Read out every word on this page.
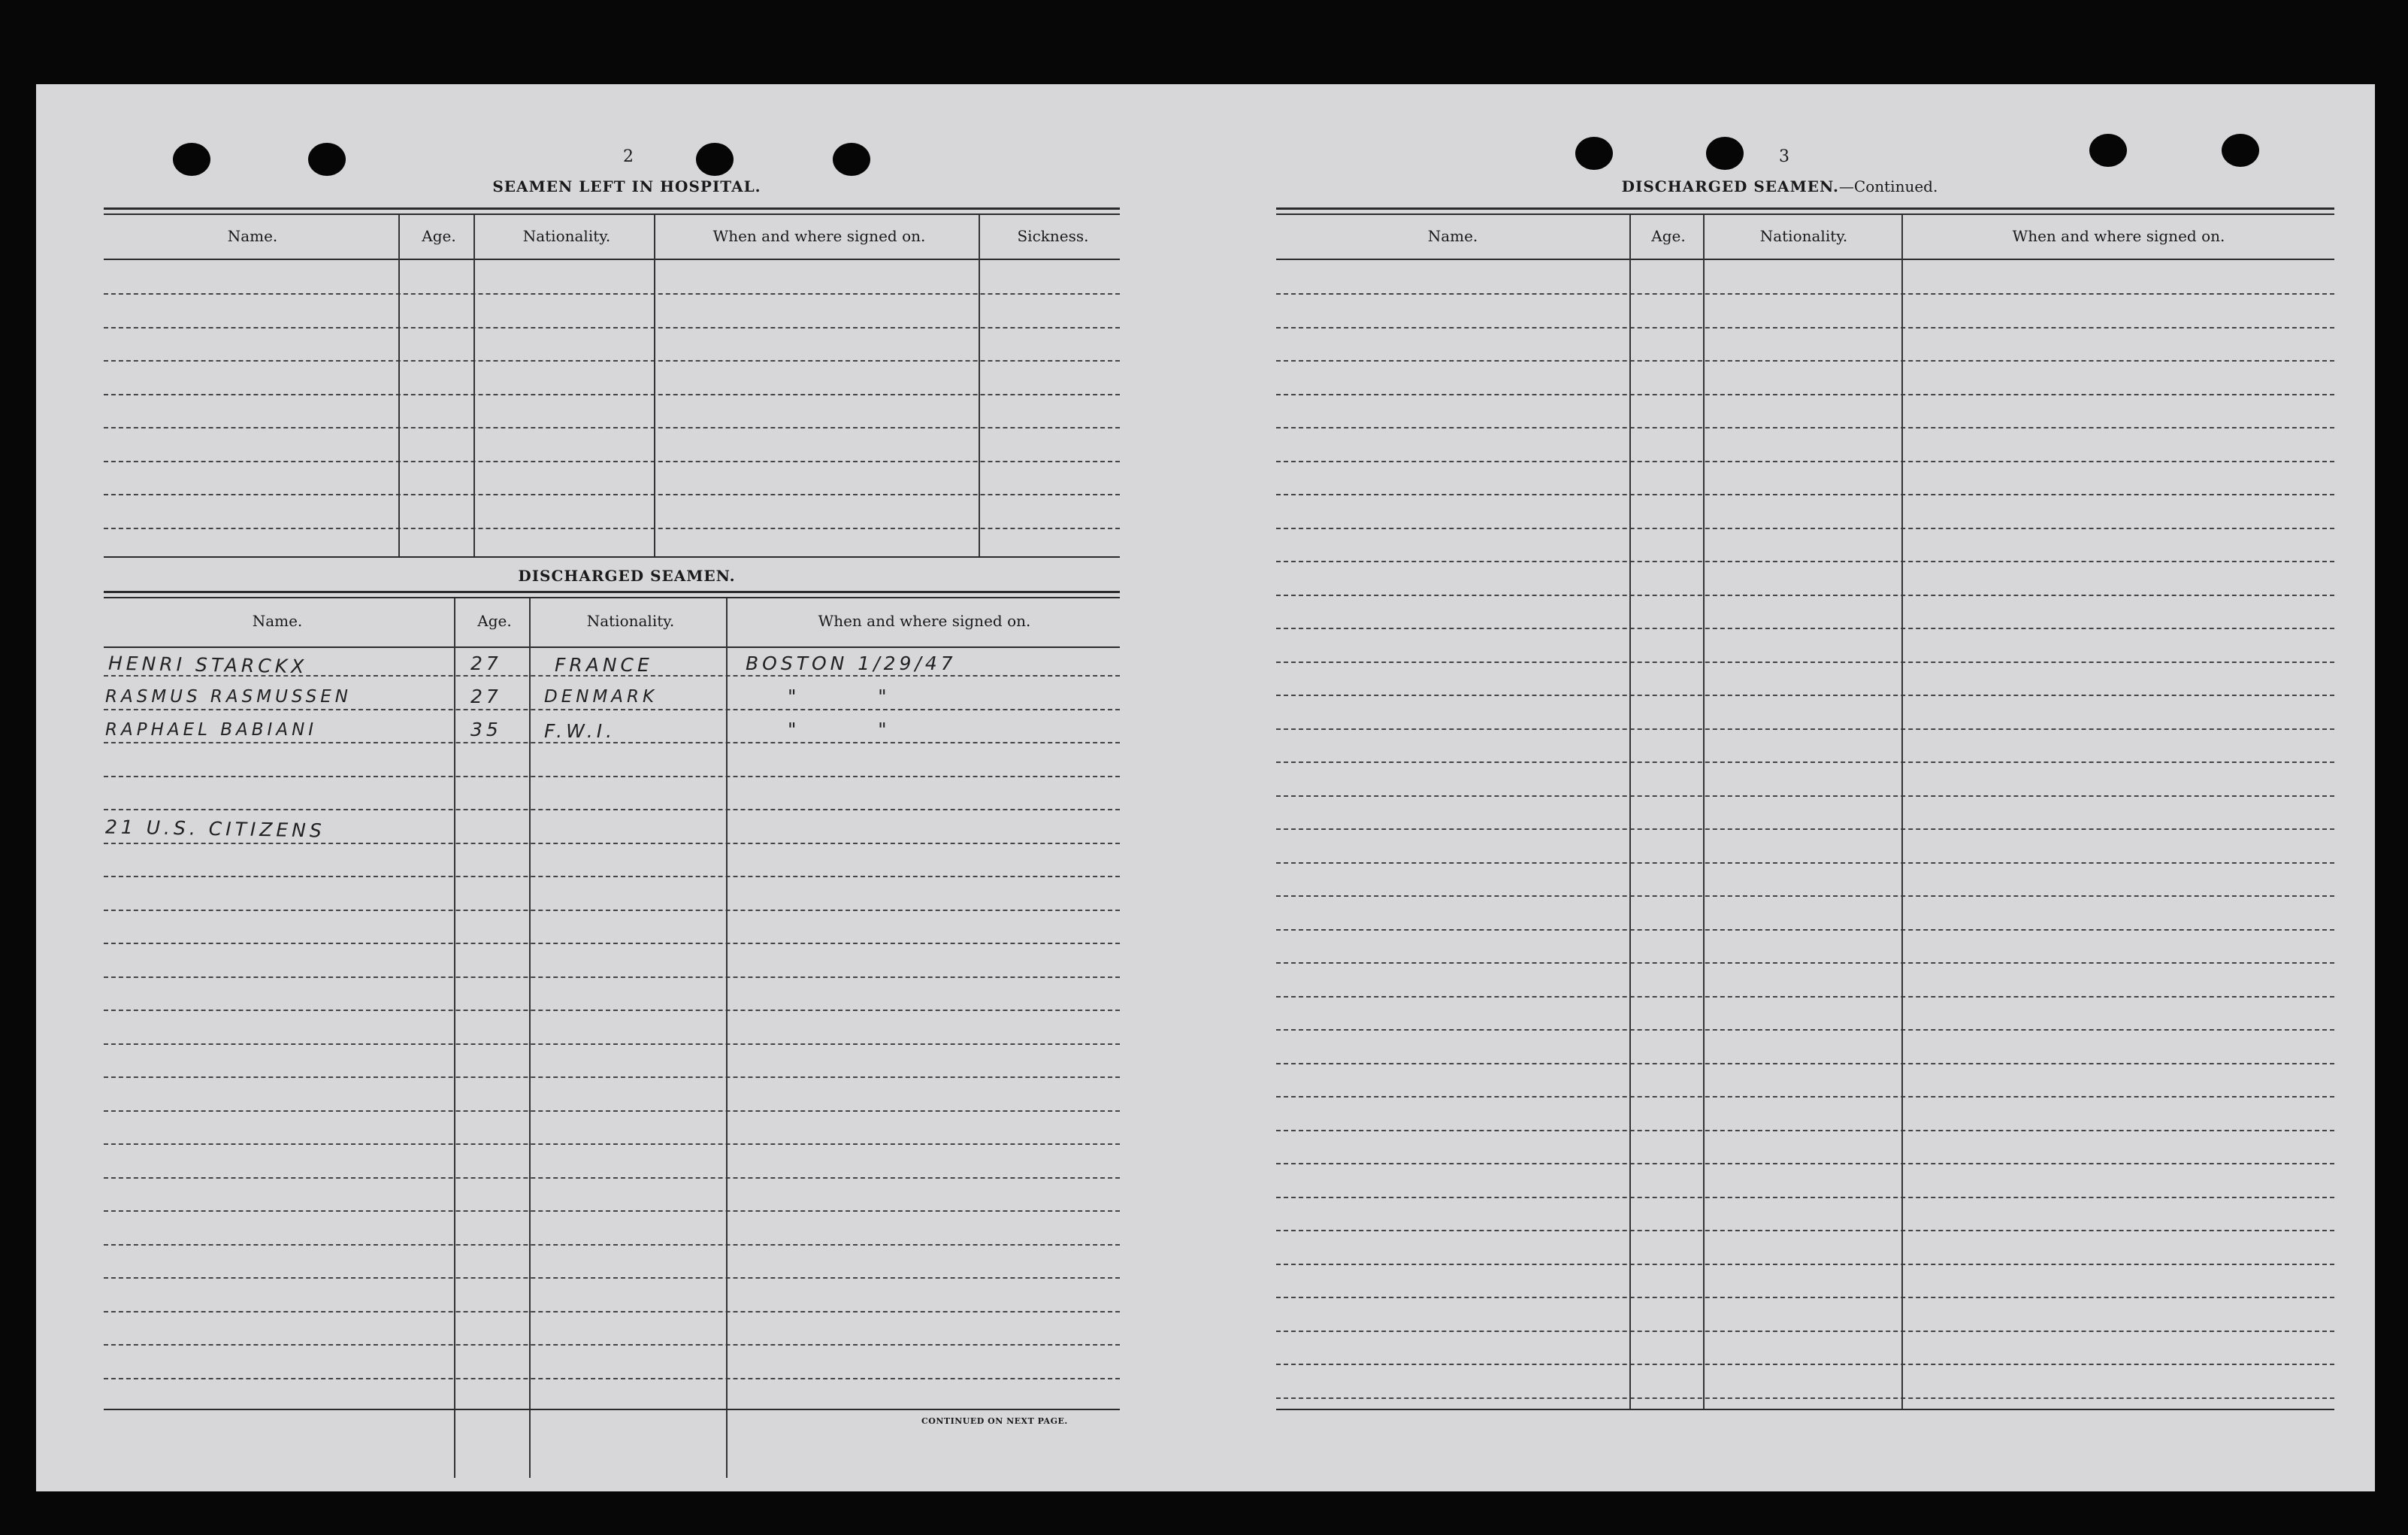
2
SEAMEN LEFT IN HOSPITAL.
Name.	Age.	Nationality.	When and where signed on.	Sickness.
DISCHARGED SEAMEN.
Name.	Age.	Nationality.	When and where signed on.
HENRI STARCKX	27	FRANCE	BOSTON 1/29/47
RASMUS RASMUSSEN	27 DENMARK	"        "
RAPHAEL BABIANI	35 F.W.I.	"        "
21 U.S. CITIZENS
CONTINUED ON NEXT PAGE.
3
DISCHARGED SEAMEN.—Continued.
Name.	Age.	Nationality.	When and where signed on.
